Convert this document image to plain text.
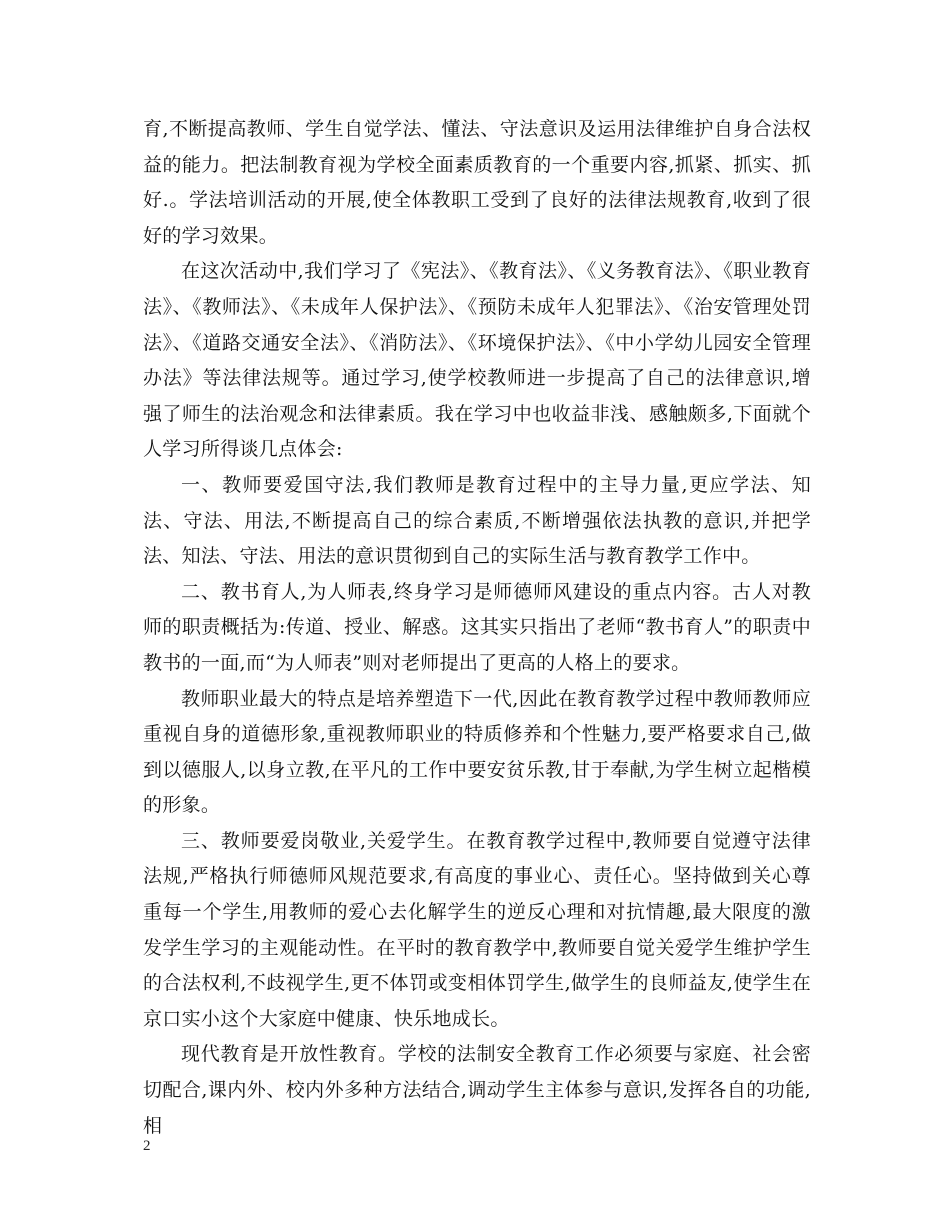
育,不断提高教师、学生自觉学法、懂法、守法意识及运用法律维护自身合法权益的能力。把法制教育视为学校全面素质教育的一个重要内容,抓紧、抓实、抓好.。学法培训活动的开展,使全体教职工受到了良好的法律法规教育,收到了很好的学习效果。

在这次活动中,我们学习了《宪法》、《教育法》、《义务教育法》、《职业教育法》、《教师法》、《未成年人保护法》、《预防未成年人犯罪法》、《治安管理处罚法》、《道路交通安全法》、《消防法》、《环境保护法》、《中小学幼儿园安全管理办法》等法律法规等。通过学习,使学校教师进一步提高了自己的法律意识,增强了师生的法治观念和法律素质。我在学习中也收益非浅、感触颇多,下面就个人学习所得谈几点体会:

一、教师要爱国守法,我们教师是教育过程中的主导力量,更应学法、知法、守法、用法,不断提高自己的综合素质,不断增强依法执教的意识,并把学法、知法、守法、用法的意识贯彻到自己的实际生活与教育教学工作中。

二、教书育人,为人师表,终身学习是师德师风建设的重点内容。古人对教师的职责概括为:传道、授业、解惑。这其实只指出了老师“教书育人”的职责中教书的一面,而“为人师表”则对老师提出了更高的人格上的要求。

教师职业最大的特点是培养塑造下一代,因此在教育教学过程中教师教师应重视自身的道德形象,重视教师职业的特质修养和个性魅力,要严格要求自己,做到以德服人,以身立教,在平凡的工作中要安贫乐教,甘于奉献,为学生树立起楷模的形象。

三、教师要爱岗敬业,关爱学生。在教育教学过程中,教师要自觉遵守法律法规,严格执行师德师风规范要求,有高度的事业心、责任心。坚持做到关心尊重每一个学生,用教师的爱心去化解学生的逆反心理和对抗情趣,最大限度的激发学生学习的主观能动性。在平时的教育教学中,教师要自觉关爱学生维护学生的合法权利,不歧视学生,更不体罚或变相体罚学生,做学生的良师益友,使学生在京口实小这个大家庭中健康、快乐地成长。

现代教育是开放性教育。学校的法制安全教育工作必须要与家庭、社会密切配合,课内外、校内外多种方法结合,调动学生主体参与意识,发挥各自的功能,相

2
